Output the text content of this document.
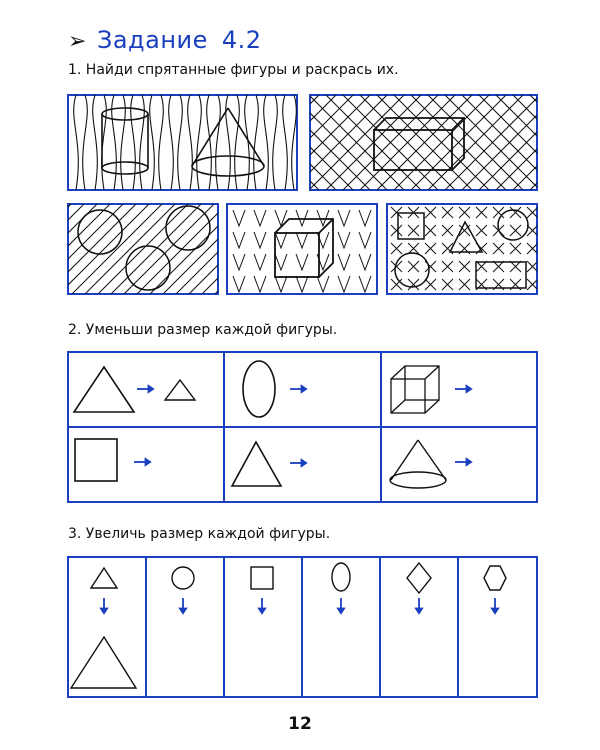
➢ Задание 4.2
1. Найди спрятанные фигуры и раскрась их.
2. Уменьши размер каждой фигуры.
3. Увеличь размер каждой фигуры.
12
